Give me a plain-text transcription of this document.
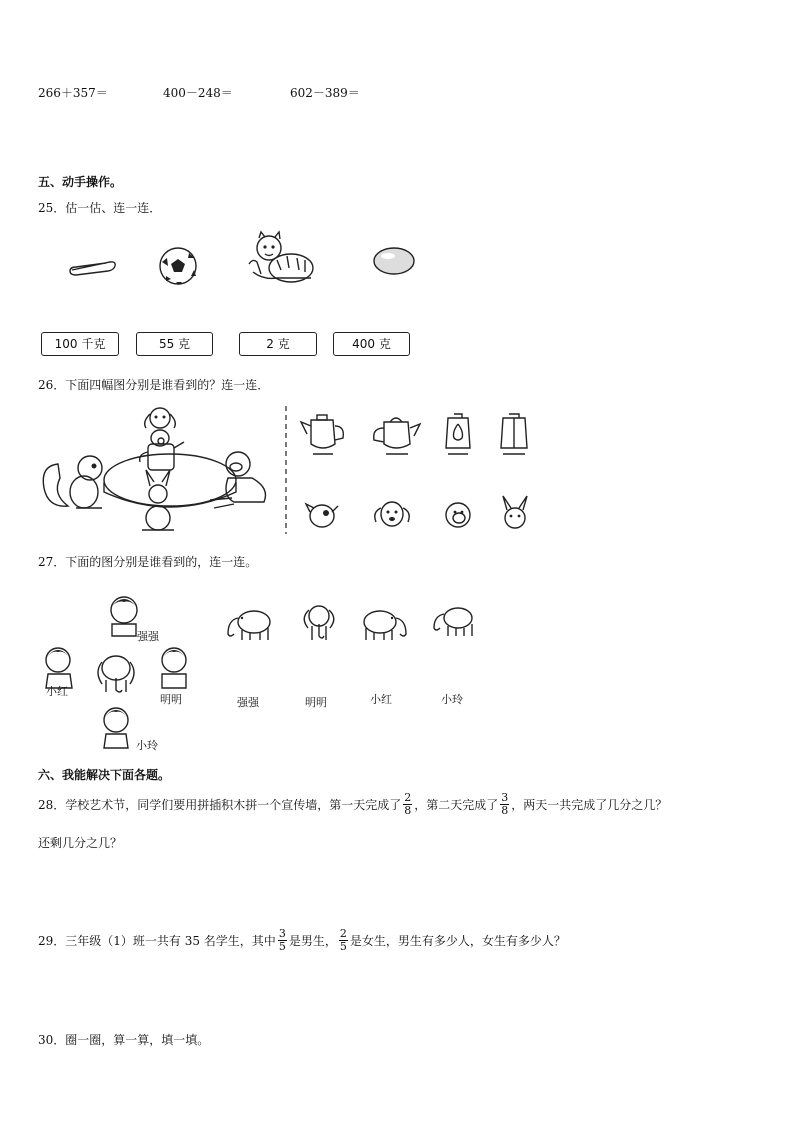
266＋357＝	400－248＝	602－389＝
五、动手操作。
25．估一估、连一连．
100 千克	55 克	2 克	400 克
26．下面四幅图分别是谁看到的？连一连．
27．下面的图分别是谁看到的，连一连。
强强
小红
明明
小玲
强强	明明	小红	小玲
六、我能解决下面各题。
28．学校艺术节，同学们要用拼插积木拼一个宣传墙，第一天完成了 $\frac{2}{8}$ ，第二天完成了 $\frac{3}{8}$ ，两天一共完成了几分之几？
还剩几分之几？
29．三年级（1）班一共有 35 名学生，其中 $\frac{3}{5}$ 是男生， $\frac{2}{5}$ 是女生，男生有多少人，女生有多少人？
30．圈一圈，算一算，填一填。
